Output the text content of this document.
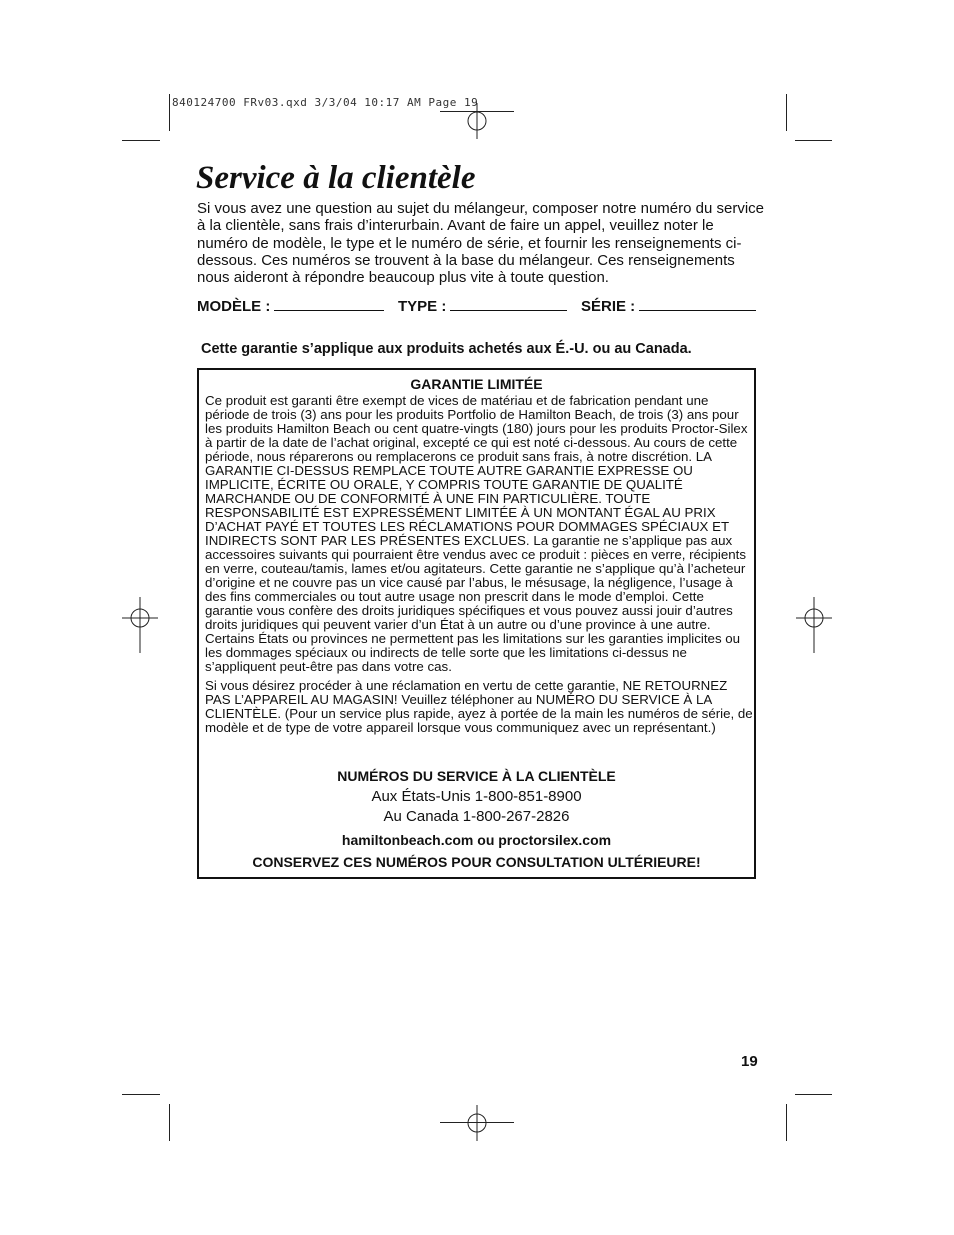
840124700 FRv03.qxd 3/3/04 10:17 AM Page 19
Service à la clientèle
Si vous avez une question au sujet du mélangeur, composer notre numéro du service à la clientèle, sans frais d’interurbain. Avant de faire un appel, veuillez noter le numéro de modèle, le type et le numéro de série, et fournir les renseignements ci-dessous. Ces numéros se trouvent à la base du mélangeur. Ces renseignements nous aideront à répondre beaucoup plus vite à toute question.
MODÈLE :	TYPE :	SÉRIE :
Cette garantie s’applique aux produits achetés aux É.-U. ou au Canada.
GARANTIE LIMITÉE

Ce produit est garanti être exempt de vices de matériau et de fabrication pendant une période de trois (3) ans pour les produits Portfolio de Hamilton Beach, de trois (3) ans pour les produits Hamilton Beach ou cent quatre-vingts (180) jours pour les produits Proctor-Silex à partir de la date de l’achat original, excepté ce qui est noté ci-dessous. Au cours de cette période, nous réparerons ou remplacerons ce produit sans frais, à notre discrétion. LA GARANTIE CI-DESSUS REMPLACE TOUTE AUTRE GARANTIE EXPRESSE OU IMPLICITE, ÉCRITE OU ORALE, Y COMPRIS TOUTE GARANTIE DE QUALITÉ MARCHANDE OU DE CONFORMITÉ À UNE FIN PARTICULIÈRE. TOUTE RESPONSABILITÉ EST EXPRESSÉMENT LIMITÉE À UN MONTANT ÉGAL AU PRIX D’ACHAT PAYÉ ET TOUTES LES RÉCLAMATIONS POUR DOMMAGES SPÉCIAUX ET INDIRECTS SONT PAR LES PRÉSENTES EXCLUES. La garantie ne s’applique pas aux accessoires suivants qui pourraient être vendus avec ce produit : pièces en verre, récipients en verre, couteau/tamis, lames et/ou agitateurs. Cette garantie ne s’applique qu’à l’acheteur d’origine et ne couvre pas un vice causé par l’abus, le mésusage, la négligence, l’usage à des fins commerciales ou tout autre usage non prescrit dans le mode d’emploi. Cette garantie vous confère des droits juridiques spécifiques et vous pouvez aussi jouir d’autres droits juridiques qui peuvent varier d’un État à un autre ou d’une province à une autre. Certains États ou provinces ne permettent pas les limitations sur les garanties implicites ou les dommages spéciaux ou indirects de telle sorte que les limitations ci-dessus ne s’appliquent peut-être pas dans votre cas.

Si vous désirez procéder à une réclamation en vertu de cette garantie, NE RETOURNEZ PAS L’APPAREIL AU MAGASIN! Veuillez téléphoner au NUMÉRO DU SERVICE À LA CLIENTÈLE. (Pour un service plus rapide, ayez à portée de la main les numéros de série, de modèle et de type de votre appareil lorsque vous communiquez avec un représentant.)

NUMÉROS DU SERVICE À LA CLIENTÈLE
Aux États-Unis 1-800-851-8900
Au Canada 1-800-267-2826
hamiltonbeach.com ou proctorsilex.com
CONSERVEZ CES NUMÉROS POUR CONSULTATION ULTÉRIEURE!
19
